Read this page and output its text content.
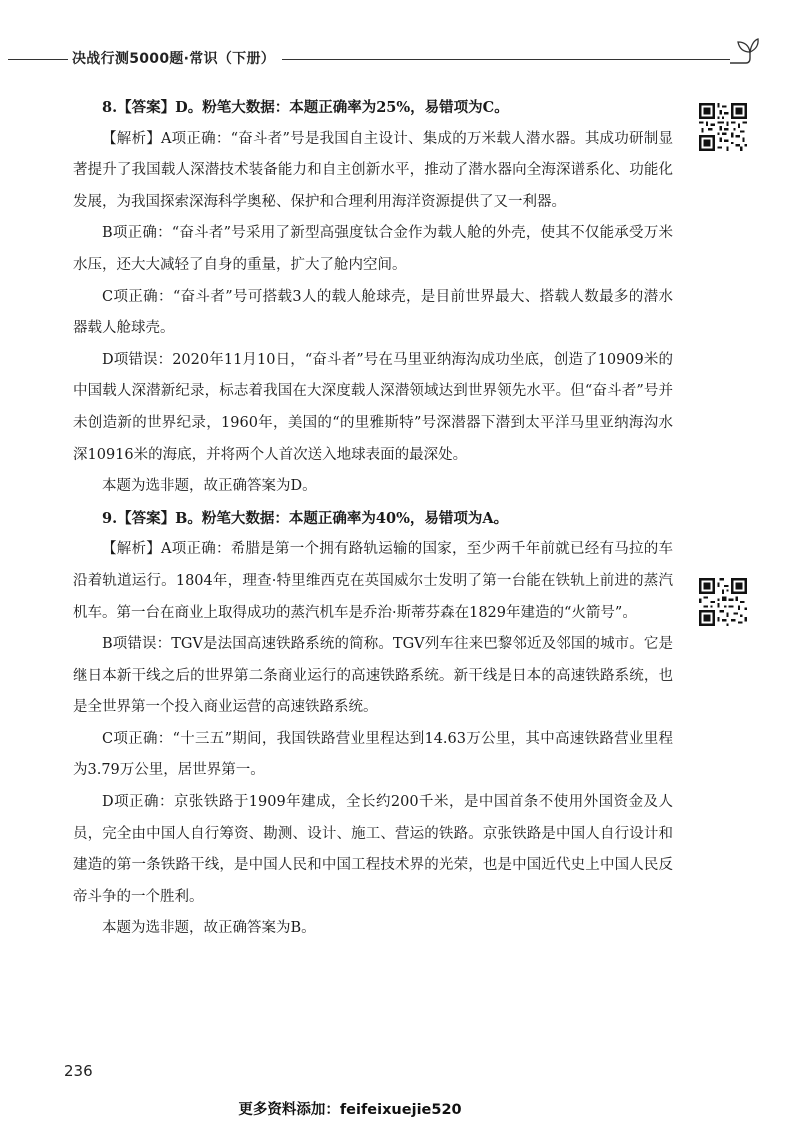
决战行测5000题·常识（下册）

8.【答案】D。粉笔大数据：本题正确率为25%，易错项为C。

【解析】A项正确：“奋斗者”号是我国自主设计、集成的万米载人潜水器。其成功研制显著提升了我国载人深潜技术装备能力和自主创新水平，推动了潜水器向全海深谱系化、功能化发展，为我国探索深海科学奥秘、保护和合理利用海洋资源提供了又一利器。

B项正确：“奋斗者”号采用了新型高强度钛合金作为载人舱的外壳，使其不仅能承受万米水压，还大大减轻了自身的重量，扩大了舱内空间。

C项正确：“奋斗者”号可搭载3人的载人舱球壳，是目前世界最大、搭载人数最多的潜水器载人舱球壳。

D项错误：2020年11月10日，“奋斗者”号在马里亚纳海沟成功坐底，创造了10909米的中国载人深潜新纪录，标志着我国在大深度载人深潜领域达到世界领先水平。但“奋斗者”号并未创造新的世界纪录，1960年，美国的“的里雅斯特”号深潜器下潜到太平洋马里亚纳海沟水深10916米的海底，并将两个人首次送入地球表面的最深处。

本题为选非题，故正确答案为D。

9.【答案】B。粉笔大数据：本题正确率为40%，易错项为A。

【解析】A项正确：希腊是第一个拥有路轨运输的国家，至少两千年前就已经有马拉的车沿着轨道运行。1804年，理查·特里维西克在英国威尔士发明了第一台能在铁轨上前进的蒸汽机车。第一台在商业上取得成功的蒸汽机车是乔治·斯蒂芬森在1829年建造的“火箭号”。

B项错误：TGV是法国高速铁路系统的简称。TGV列车往来巴黎邻近及邻国的城市。它是继日本新干线之后的世界第二条商业运行的高速铁路系统。新干线是日本的高速铁路系统，也是全世界第一个投入商业运营的高速铁路系统。

C项正确：“十三五”期间，我国铁路营业里程达到14.63万公里，其中高速铁路营业里程为3.79万公里，居世界第一。

D项正确：京张铁路于1909年建成，全长约200千米，是中国首条不使用外国资金及人员，完全由中国人自行筹资、勘测、设计、施工、营运的铁路。京张铁路是中国人自行设计和建造的第一条铁路干线，是中国人民和中国工程技术界的光荣，也是中国近代史上中国人民反帝斗争的一个胜利。

本题为选非题，故正确答案为B。

236
更多资料添加：feifeixuejie520
